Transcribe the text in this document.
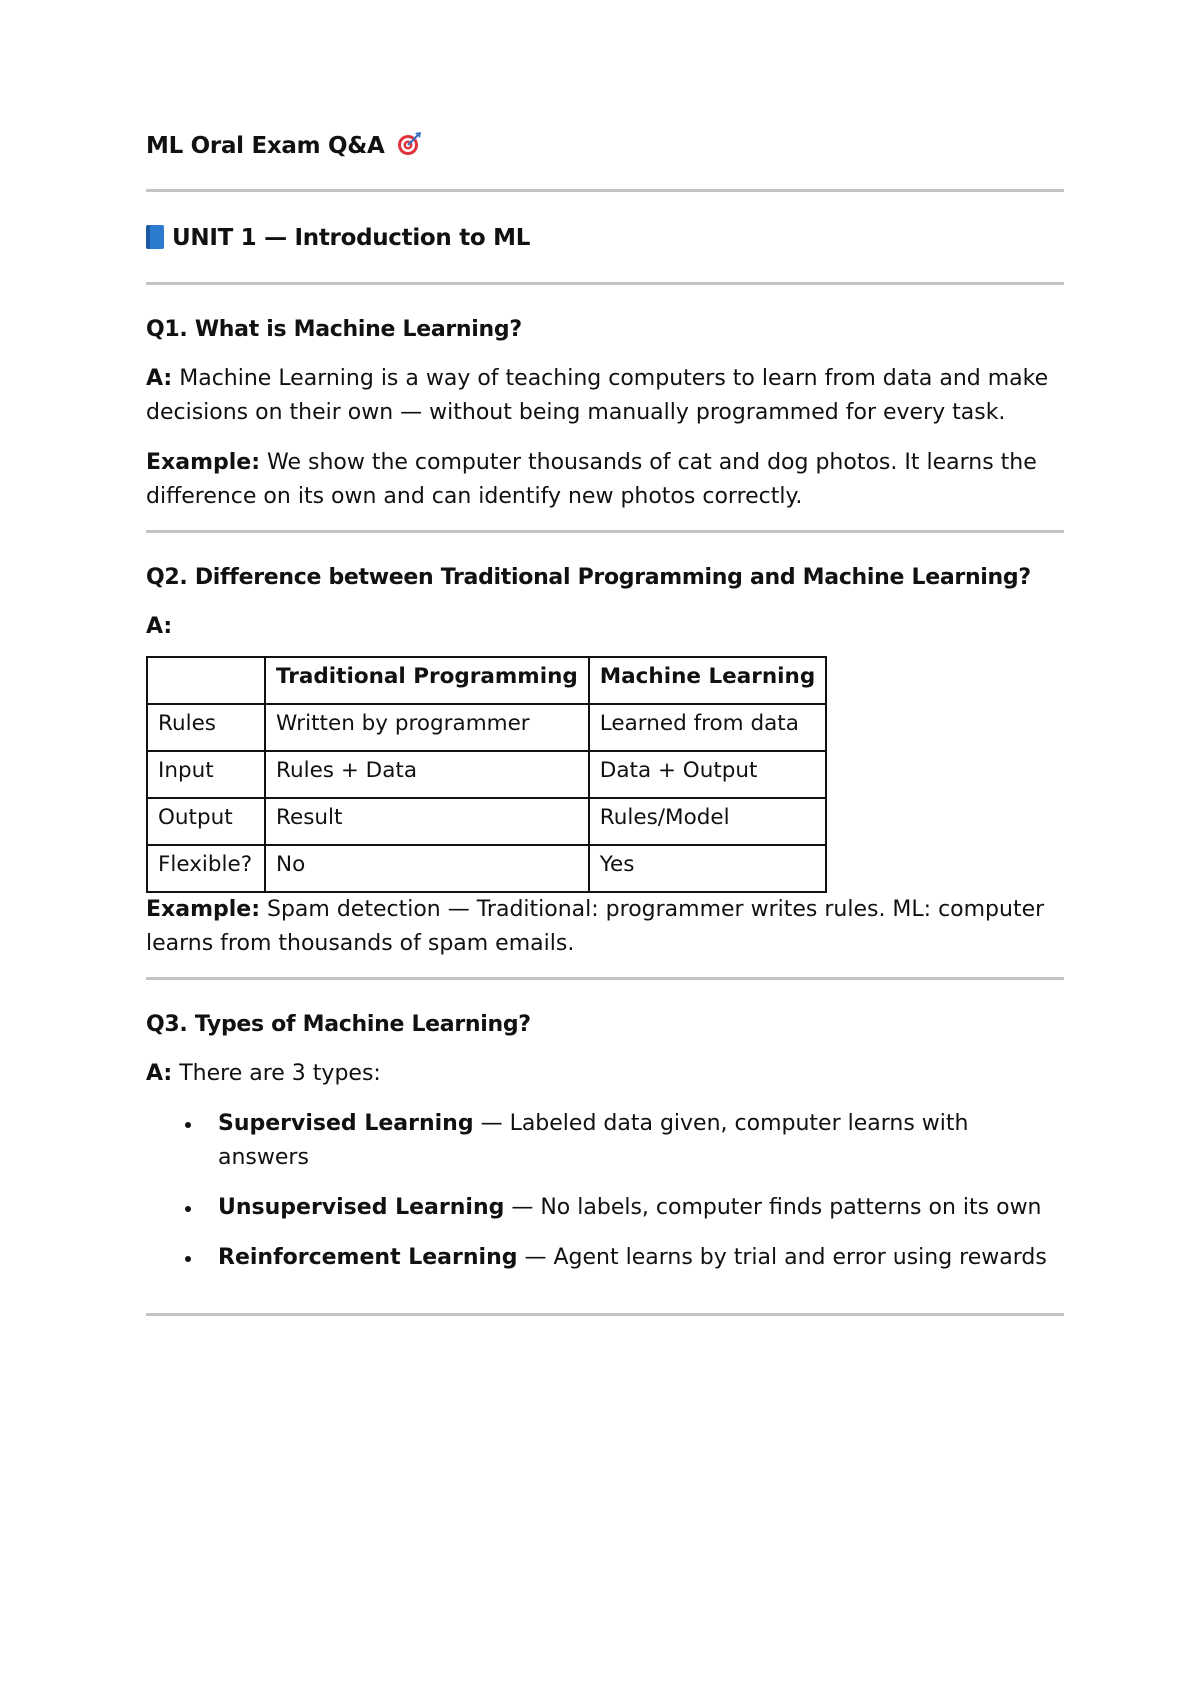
ML Oral Exam Q&A
UNIT 1 — Introduction to ML
Q1. What is Machine Learning?

A: Machine Learning is a way of teaching computers to learn from data and make decisions on their own — without being manually programmed for every task.

Example: We show the computer thousands of cat and dog photos. It learns the difference on its own and can identify new photos correctly.

Q2. Difference between Traditional Programming and Machine Learning?
A:
	Traditional Programming	Machine Learning
Rules	Written by programmer	Learned from data
Input	Rules + Data	Data + Output
Output	Result	Rules/Model
Flexible?	No	Yes

Example: Spam detection — Traditional: programmer writes rules. ML: computer learns from thousands of spam emails.

Q3. Types of Machine Learning?

A: There are 3 types:

Supervised Learning — Labeled data given, computer learns with answers
Unsupervised Learning — No labels, computer finds patterns on its own
Reinforcement Learning — Agent learns by trial and error using rewards
